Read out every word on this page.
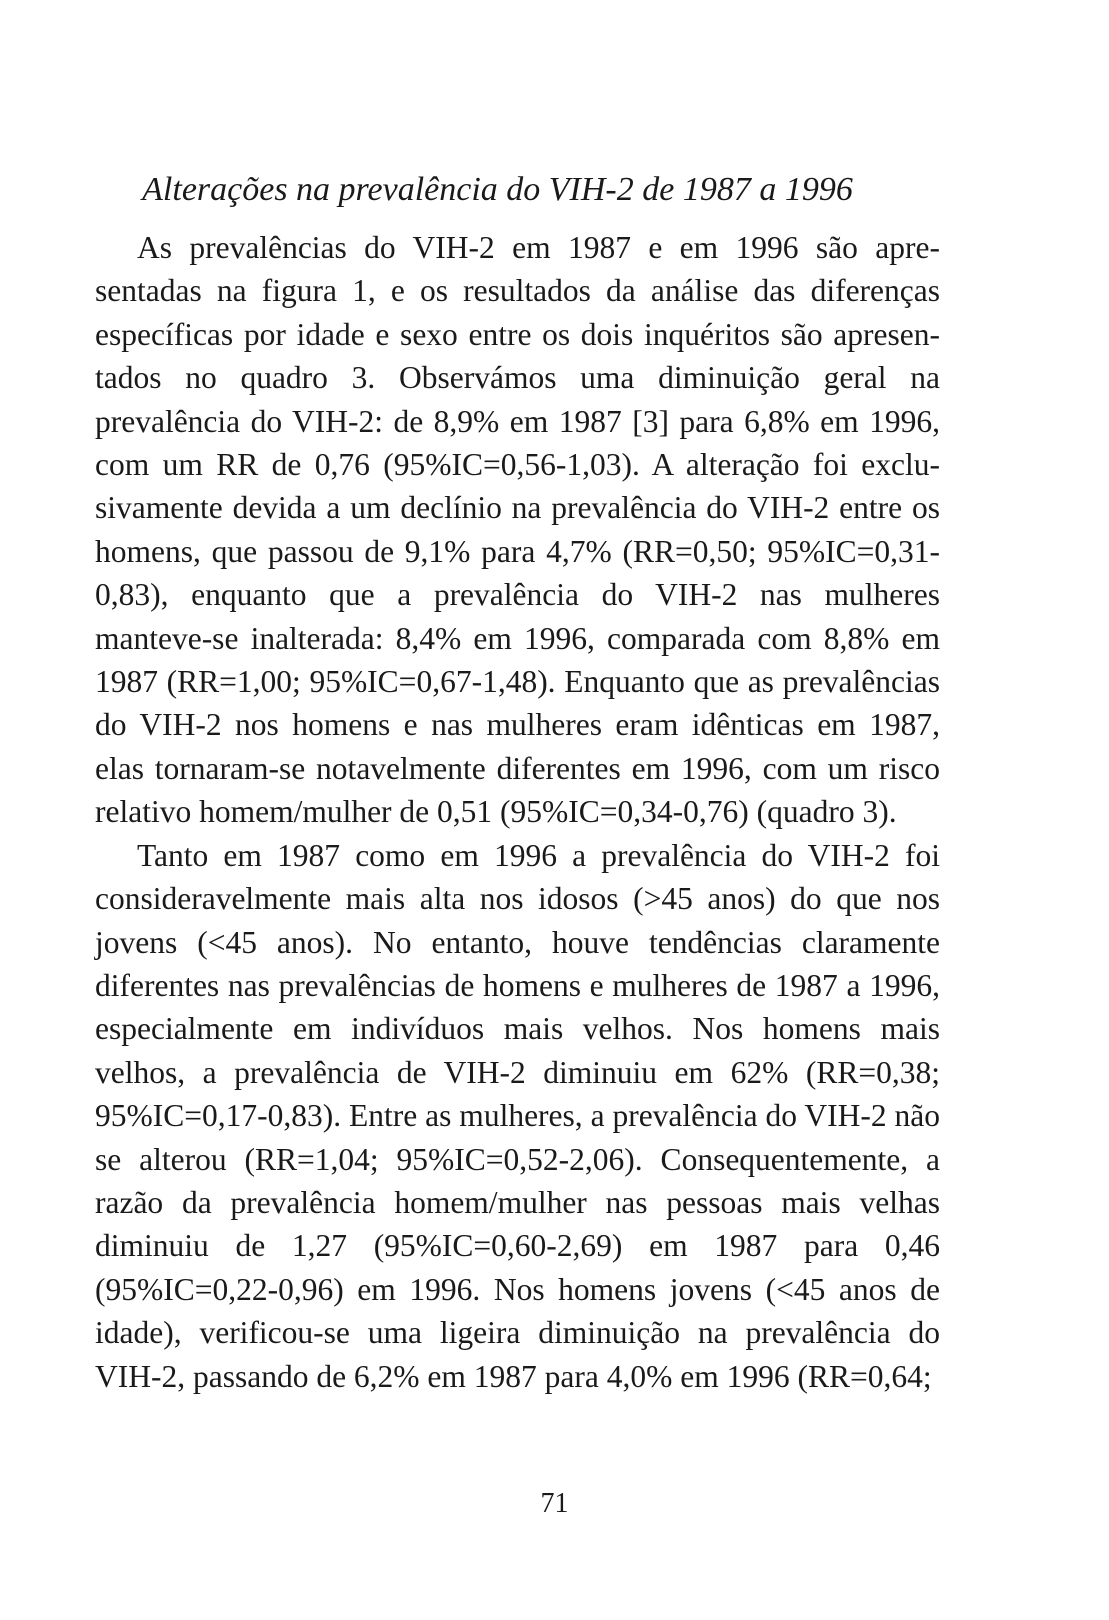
Alterações na prevalência do VIH-2 de 1987 a 1996

As prevalências do VIH-2 em 1987 e em 1996 são apresentadas na figura 1, e os resultados da análise das diferenças específicas por idade e sexo entre os dois inquéritos são apresentados no quadro 3. Observámos uma diminuição geral na prevalência do VIH-2: de 8,9% em 1987 [3] para 6,8% em 1996, com um RR de 0,76 (95%IC=0,56-1,03). A alteração foi exclusivamente devida a um declínio na prevalência do VIH-2 entre os homens, que passou de 9,1% para 4,7% (RR=0,50; 95%IC=0,31-0,83), enquanto que a prevalência do VIH-2 nas mulheres manteve-se inalterada: 8,4% em 1996, comparada com 8,8% em 1987 (RR=1,00; 95%IC=0,67-1,48). Enquanto que as prevalências do VIH-2 nos homens e nas mulheres eram idênticas em 1987, elas tornaram-se notavelmente diferentes em 1996, com um risco relativo homem/mulher de 0,51 (95%IC=0,34-0,76) (quadro 3).

Tanto em 1987 como em 1996 a prevalência do VIH-2 foi consideravelmente mais alta nos idosos (>45 anos) do que nos jovens (<45 anos). No entanto, houve tendências claramente diferentes nas prevalências de homens e mulheres de 1987 a 1996, especialmente em indivíduos mais velhos. Nos homens mais velhos, a prevalência de VIH-2 diminuiu em 62% (RR=0,38; 95%IC=0,17-0,83). Entre as mulheres, a prevalência do VIH-2 não se alterou (RR=1,04; 95%IC=0,52-2,06). Consequentemente, a razão da prevalência homem/mulher nas pessoas mais velhas diminuiu de 1,27 (95%IC=0,60-2,69) em 1987 para 0,46 (95%IC=0,22-0,96) em 1996. Nos homens jovens (<45 anos de idade), verificou-se uma ligeira diminuição na prevalência do VIH-2, passando de 6,2% em 1987 para 4,0% em 1996 (RR=0,64;

71
